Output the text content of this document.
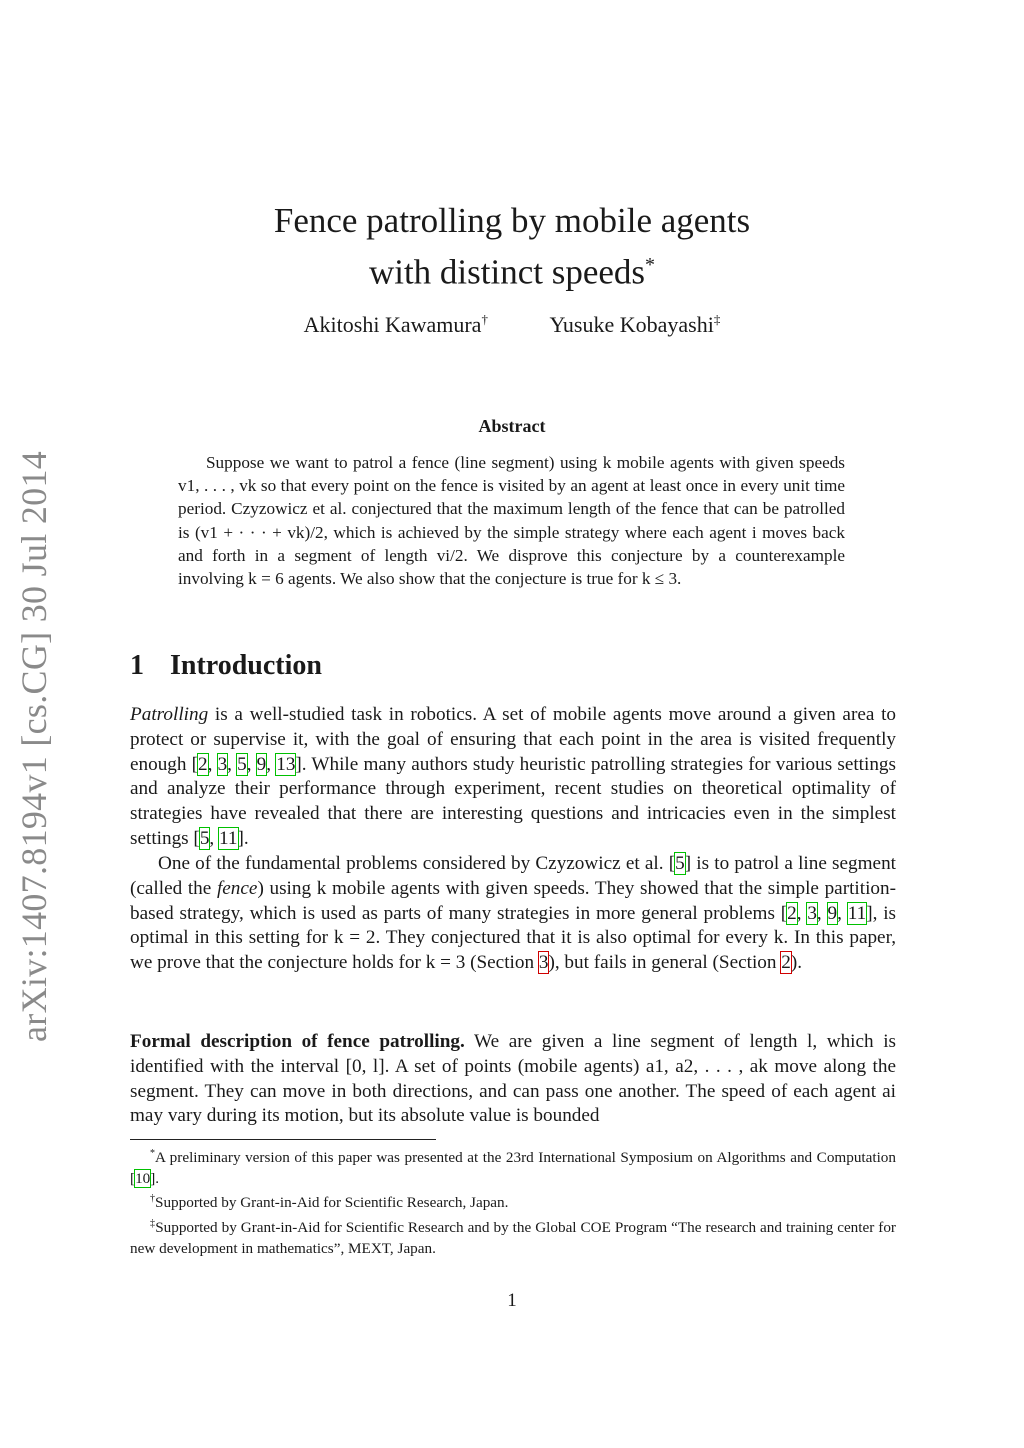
arXiv:1407.8194v1 [cs.CG] 30 Jul 2014
Fence patrolling by mobile agents
with distinct speeds*
Akitoshi Kawamura†	Yusuke Kobayashi‡
Abstract

Suppose we want to patrol a fence (line segment) using k mobile agents with given speeds v1, . . . , vk so that every point on the fence is visited by an agent at least once in every unit time period. Czyzowicz et al. conjectured that the maximum length of the fence that can be patrolled is (v1 + · · · + vk)/2, which is achieved by the simple strategy where each agent i moves back and forth in a segment of length vi/2. We disprove this conjecture by a counterexample involving k = 6 agents. We also show that the conjecture is true for k ≤ 3.

1 Introduction

Patrolling is a well-studied task in robotics. A set of mobile agents move around a given area to protect or supervise it, with the goal of ensuring that each point in the area is visited frequently enough [2, 3, 5, 9, 13]. While many authors study heuristic patrolling strategies for various settings and analyze their performance through experiment, recent studies on theoretical optimality of strategies have revealed that there are interesting questions and intricacies even in the simplest settings [5, 11].

One of the fundamental problems considered by Czyzowicz et al. [5] is to patrol a line segment (called the fence) using k mobile agents with given speeds. They showed that the simple partition-based strategy, which is used as parts of many strategies in more general problems [2, 3, 9, 11], is optimal in this setting for k = 2. They conjectured that it is also optimal for every k. In this paper, we prove that the conjecture holds for k = 3 (Section 3), but fails in general (Section 2).

Formal description of fence patrolling. We are given a line segment of length l, which is identified with the interval [0, l]. A set of points (mobile agents) a1, a2, . . . , ak move along the segment. They can move in both directions, and can pass one another. The speed of each agent ai may vary during its motion, but its absolute value is bounded

*A preliminary version of this paper was presented at the 23rd International Symposium on Algorithms and Computation [10].

†Supported by Grant-in-Aid for Scientific Research, Japan.

‡Supported by Grant-in-Aid for Scientific Research and by the Global COE Program “The research and training center for new development in mathematics”, MEXT, Japan.

1
